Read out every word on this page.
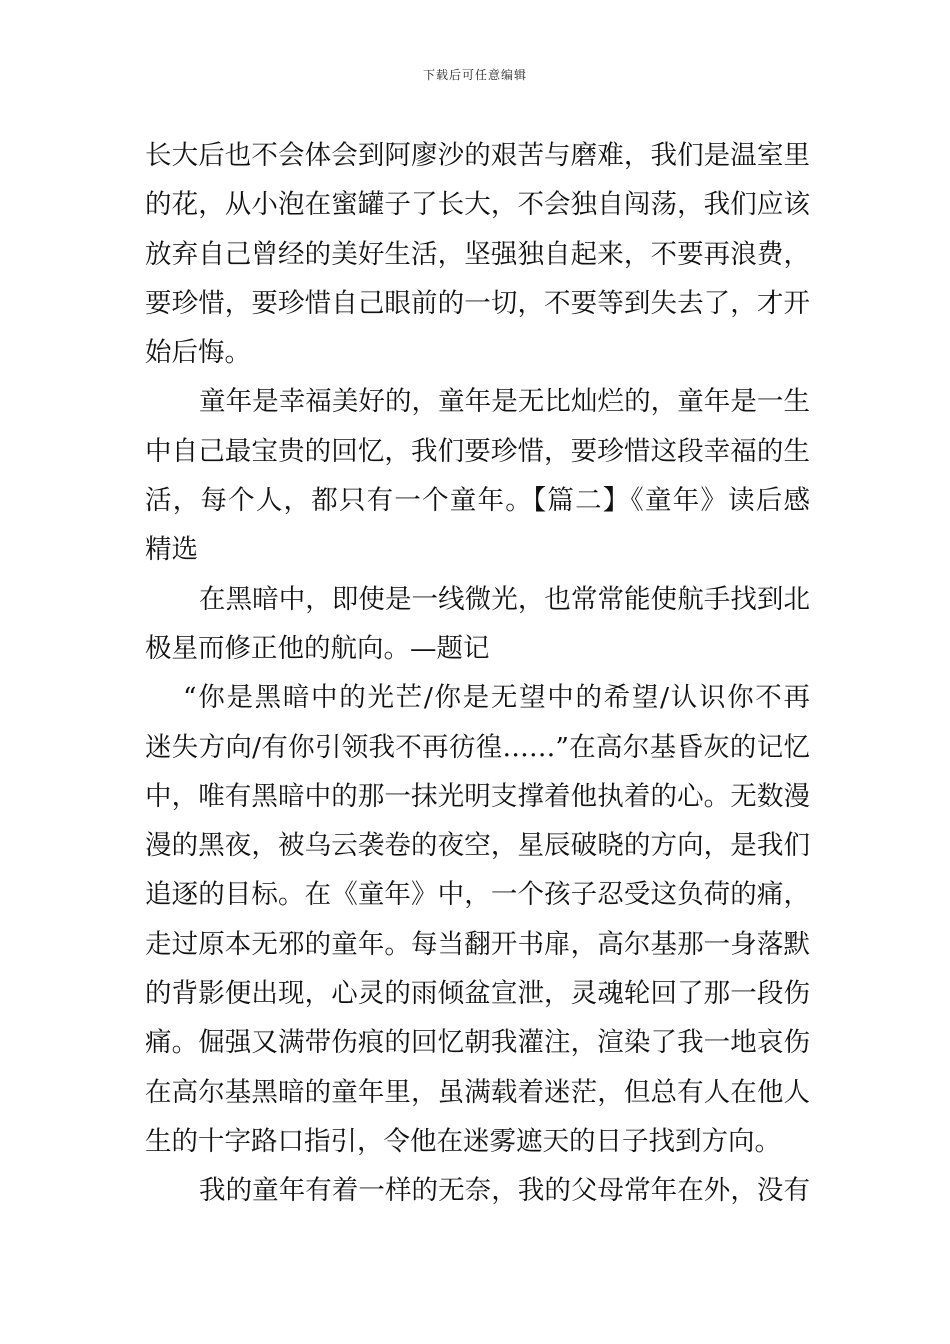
下载后可任意编辑
长大后也不会体会到阿廖沙的艰苦与磨难，我们是温室里
的花，从小泡在蜜罐子了长大，不会独自闯荡，我们应该
放弃自己曾经的美好生活，坚强独自起来，不要再浪费，
要珍惜，要珍惜自己眼前的一切，不要等到失去了，才开
始后悔。
童年是幸福美好的，童年是无比灿烂的，童年是一生
中自己最宝贵的回忆，我们要珍惜，要珍惜这段幸福的生
活，每个人，都只有一个童年。【篇二】《童年》读后感
精选
在黑暗中，即使是一线微光，也常常能使航手找到北
极星而修正他的航向。—题记
“你是黑暗中的光芒/你是无望中的希望/认识你不再
迷失方向/有你引领我不再彷徨……”在高尔基昏灰的记忆
中，唯有黑暗中的那一抹光明支撑着他执着的心。无数漫
漫的黑夜，被乌云袭卷的夜空，星辰破晓的方向，是我们
追逐的目标。在《童年》中，一个孩子忍受这负荷的痛，
走过原本无邪的童年。每当翻开书扉，高尔基那一身落默
的背影便出现，心灵的雨倾盆宣泄，灵魂轮回了那一段伤
痛。倔强又满带伤痕的回忆朝我灌注，渲染了我一地哀伤
在高尔基黑暗的童年里，虽满载着迷茫，但总有人在他人
生的十字路口指引，令他在迷雾遮天的日子找到方向。
我的童年有着一样的无奈，我的父母常年在外，没有
